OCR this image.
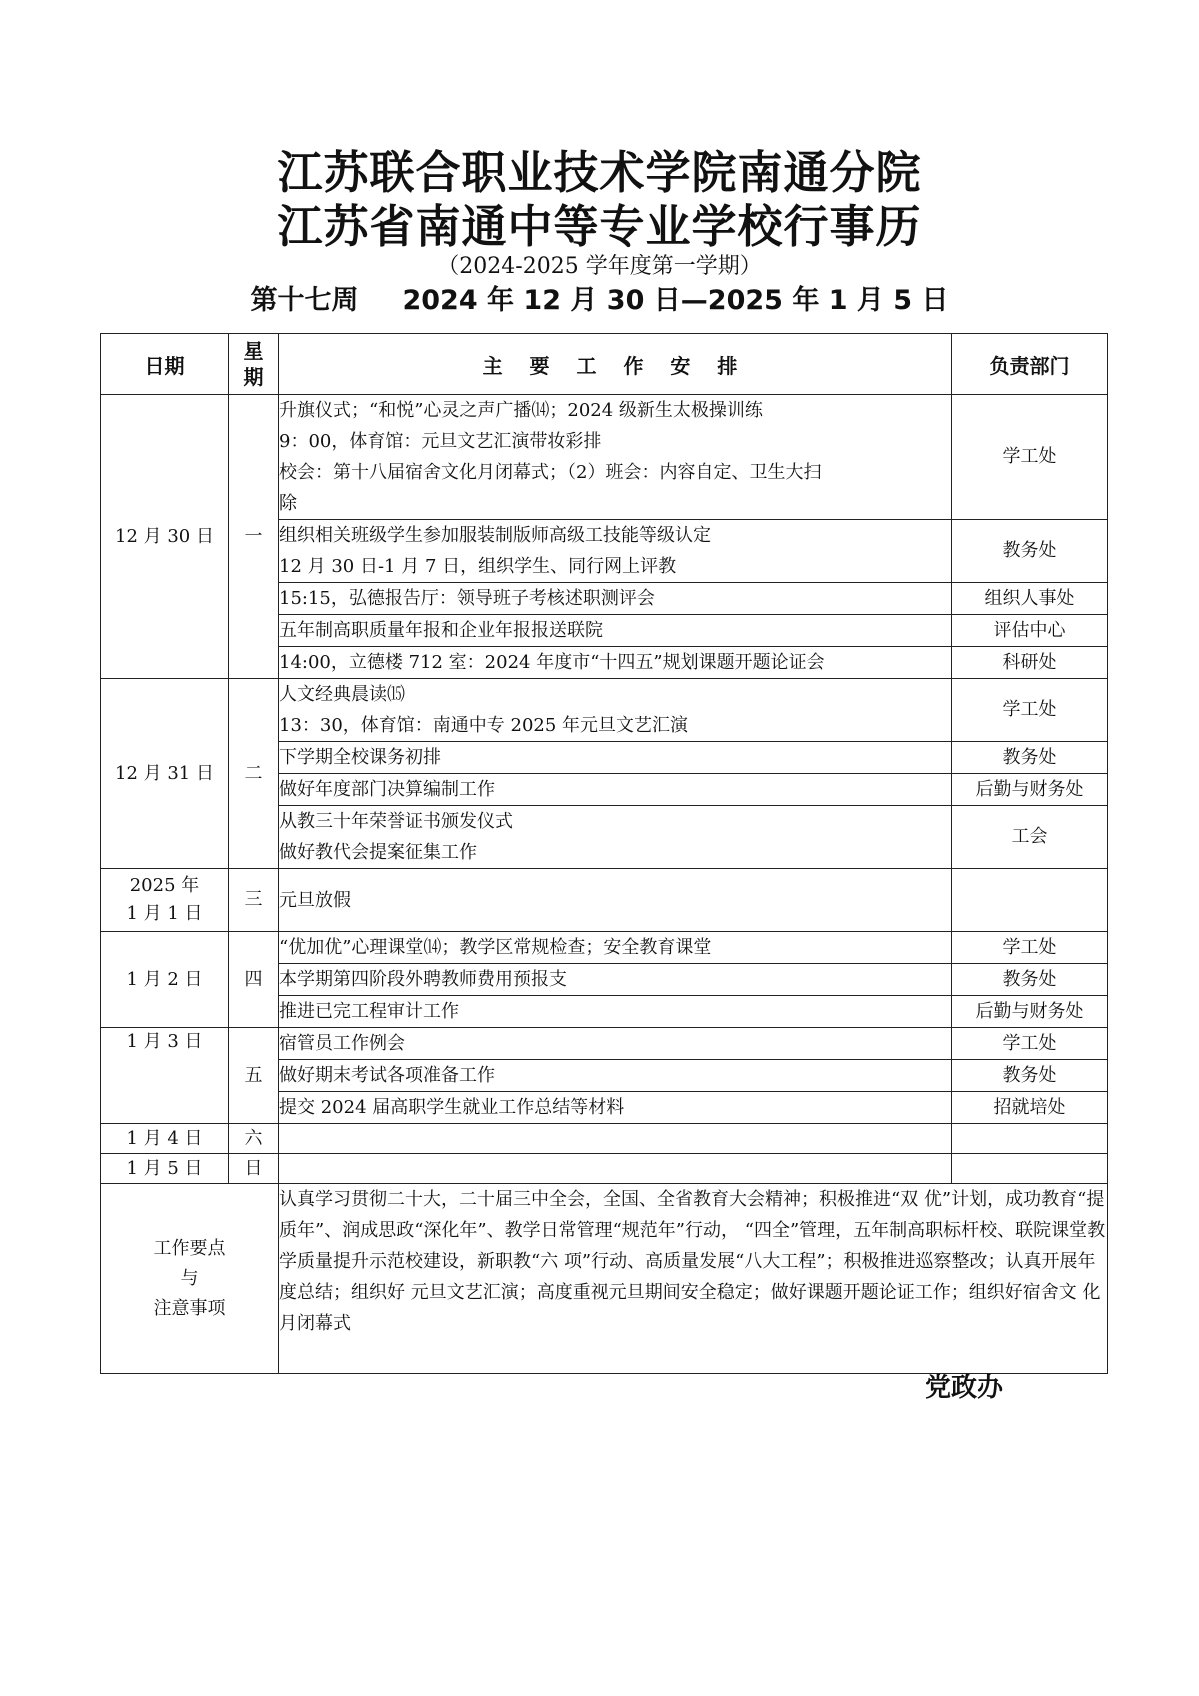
江苏联合职业技术学院南通分院
江苏省南通中等专业学校行事历
（2024-2025 学年度第一学期）
第十七周 2024 年 12 月 30 日—2025 年 1 月 5 日
日期	星
期	主 要 工 作 安 排	负责部门
12 月 30 日	一	升旗仪式；“和悦”心灵之声广播⒁；2024 级新生太极操训练
9：00，体育馆：元旦文艺汇演带妆彩排
校会：第十八届宿舍文化月闭幕式；（2）班会：内容自定、卫生大扫
除	学工处

		组织相关班级学生参加服装制版师高级工技能等级认定
12 月 30 日-1 月 7 日，组织学生、同行网上评教	教务处

		15:15，弘德报告厅：领导班子考核述职测评会	组织人事处

		五年制高职质量年报和企业年报报送联院	评估中心

		14:00，立德楼 712 室：2024 年度市“十四五”规划课题开题论证会	科研处
12 月 31 日	二	人文经典晨读⒂
13：30，体育馆：南通中专 2025 年元旦文艺汇演	学工处

		下学期全校课务初排	教务处

		做好年度部门决算编制工作	后勤与财务处

		从教三十年荣誉证书颁发仪式
做好教代会提案征集工作	工会
2025 年
1 月 1 日	三	元旦放假	

1 月 2 日	四	“优加优”心理课堂⒁；教学区常规检查；安全教育课堂	学工处

		本学期第四阶段外聘教师费用预报支	教务处

		推进已完工程审计工作	后勤与财务处
1 月 3 日	五	宿管员工作例会	学工处

		做好期末考试各项准备工作	教务处

		提交 2024 届高职学生就业工作总结等材料	招就培处
1 月 4 日	六		
1 月 5 日	日		
工作要点
与
注意事项		认真学习贯彻二十大，二十届三中全会，全国、全省教育大会精神；积极推进“双 优”计划，成功教育“提质年”、润成思政“深化年”、教学日常管理“规范年”行动， “四全”管理，五年制高职标杆校、联院课堂教学质量提升示范校建设，新职教“六 项”行动、高质量发展“八大工程”；积极推进巡察整改；认真开展年度总结；组织好 元旦文艺汇演；高度重视元旦期间安全稳定；做好课题开题论证工作；组织好宿舍文 化月闭幕式	
党政办
